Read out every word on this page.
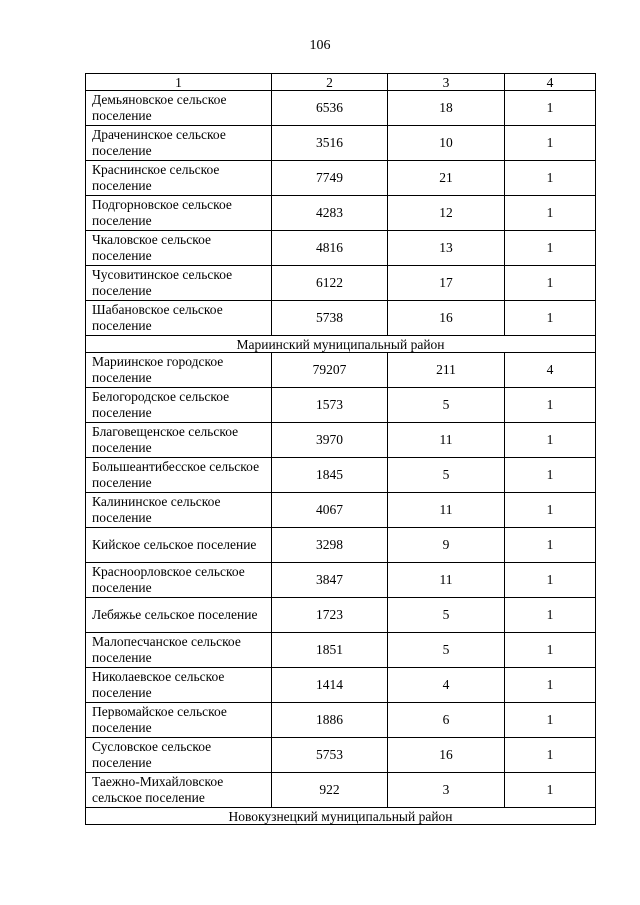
106
1	2	3	4
Демьяновское сельское поселение	6536	18	1
Драченинское сельское поселение	3516	10	1
Краснинское сельское поселение	7749	21	1
Подгорновское сельское поселение	4283	12	1
Чкаловское сельское поселение	4816	13	1
Чусовитинское сельское поселение	6122	17	1
Шабановское сельское поселение	5738	16	1
Мариинский муниципальный район			
Мариинское городское поселение	79207	211	4
Белогородское сельское поселение	1573	5	1
Благовещенское сельское поселение	3970	11	1
Большеантибесское сельское поселение	1845	5	1
Калининское сельское поселение	4067	11	1
Кийское сельское поселение	3298	9	1
Красноорловское сельское поселение	3847	11	1
Лебяжье сельское поселение	1723	5	1
Малопесчанское сельское поселение	1851	5	1
Николаевское сельское поселение	1414	4	1
Первомайское сельское поселение	1886	6	1
Сусловское сельское поселение	5753	16	1
Таежно-Михайловское сельское поселение	922	3	1
Новокузнецкий муниципальный район			
